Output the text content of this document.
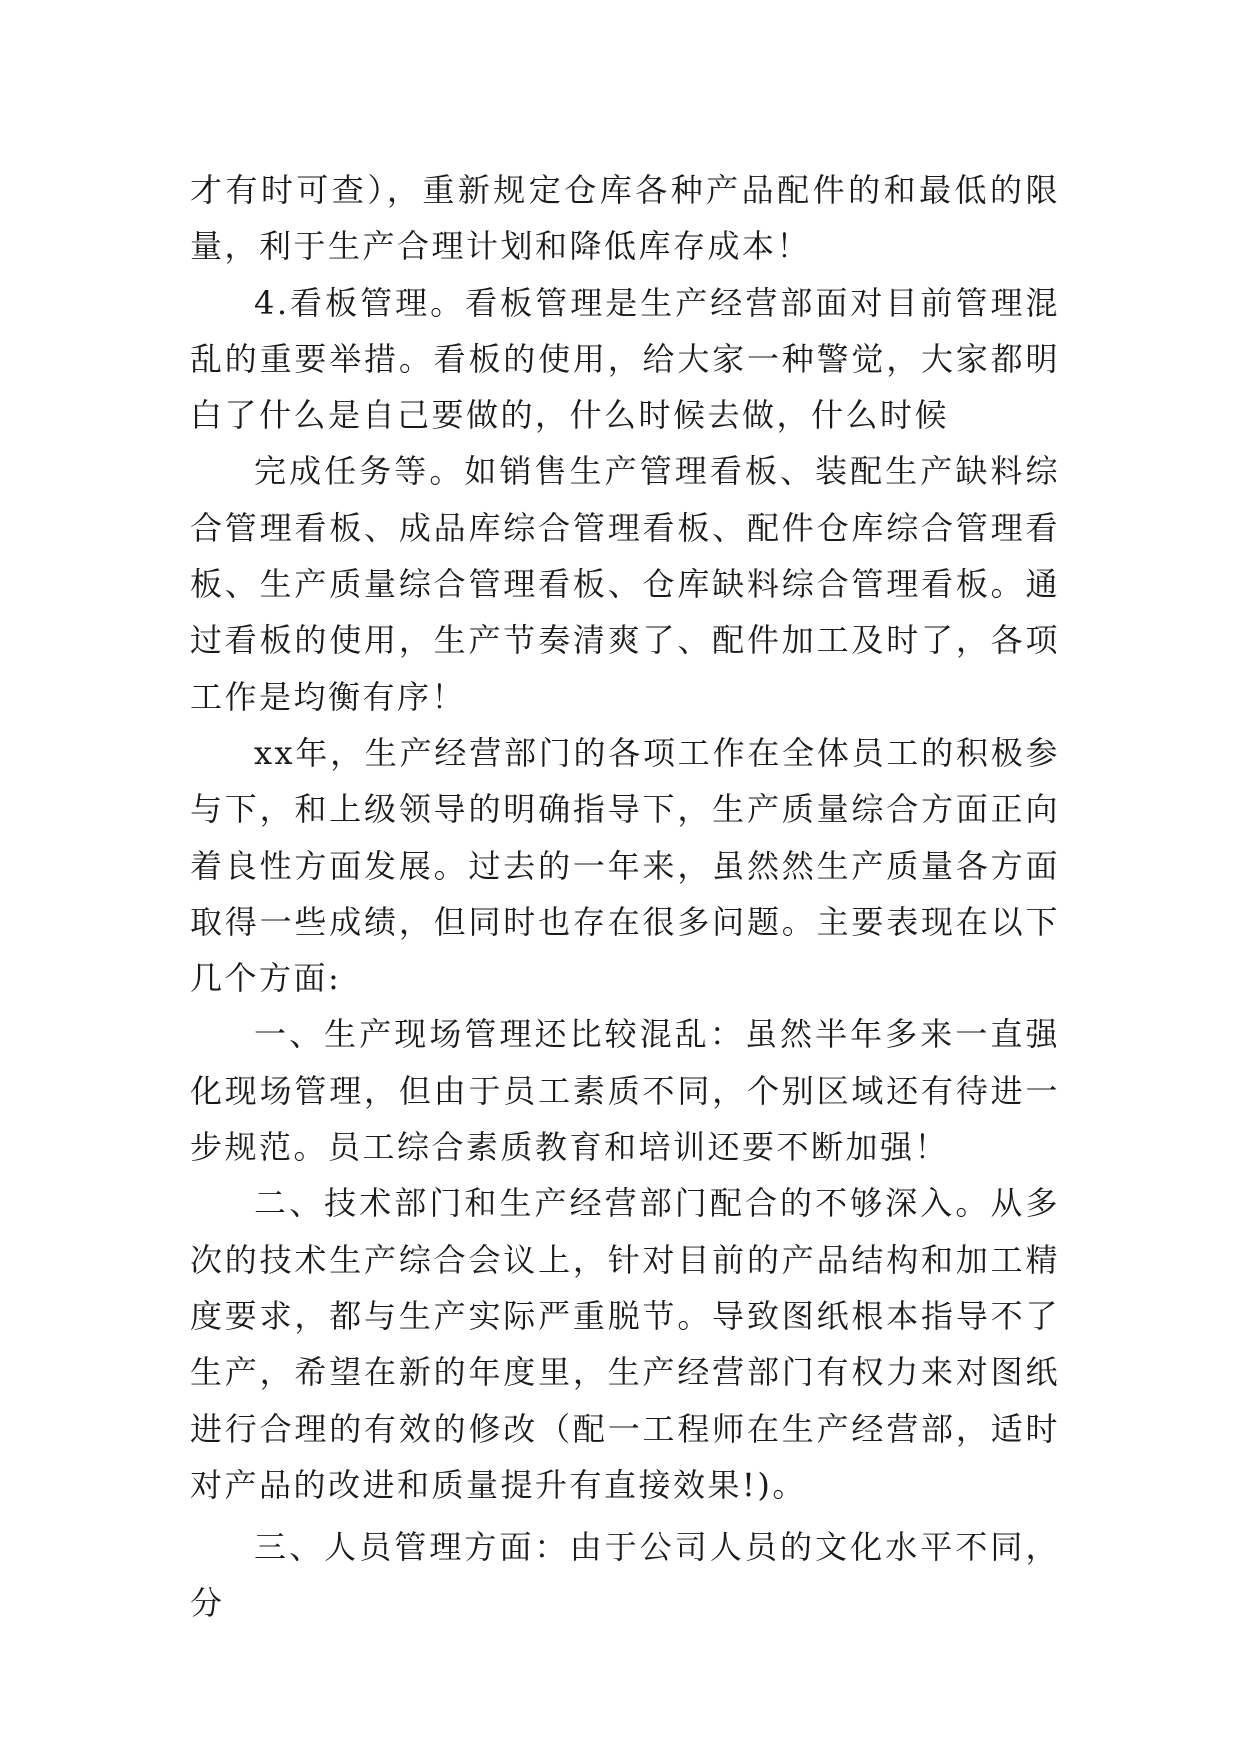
才有时可查），重新规定仓库各种产品配件的和最低的限量，利于生产合理计划和降低库存成本！

4.看板管理。看板管理是生产经营部面对目前管理混乱的重要举措。看板的使用，给大家一种警觉，大家都明白了什么是自己要做的，什么时候去做，什么时候

完成任务等。如销售生产管理看板、装配生产缺料综合管理看板、成品库综合管理看板、配件仓库综合管理看板、生产质量综合管理看板、仓库缺料综合管理看板。通过看板的使用，生产节奏清爽了、配件加工及时了，各项工作是均衡有序！

xx年，生产经营部门的各项工作在全体员工的积极参与下，和上级领导的明确指导下，生产质量综合方面正向着良性方面发展。过去的一年来，虽然然生产质量各方面取得一些成绩，但同时也存在很多问题。主要表现在以下几个方面:

一、生产现场管理还比较混乱：虽然半年多来一直强化现场管理，但由于员工素质不同，个别区域还有待进一步规范。员工综合素质教育和培训还要不断加强！

二、技术部门和生产经营部门配合的不够深入。从多次的技术生产综合会议上，针对目前的产品结构和加工精度要求，都与生产实际严重脱节。导致图纸根本指导不了生产，希望在新的年度里，生产经营部门有权力来对图纸进行合理的有效的修改（配一工程师在生产经营部，适时对产品的改进和质量提升有直接效果!)。

三、人员管理方面：由于公司人员的文化水平不同，分
